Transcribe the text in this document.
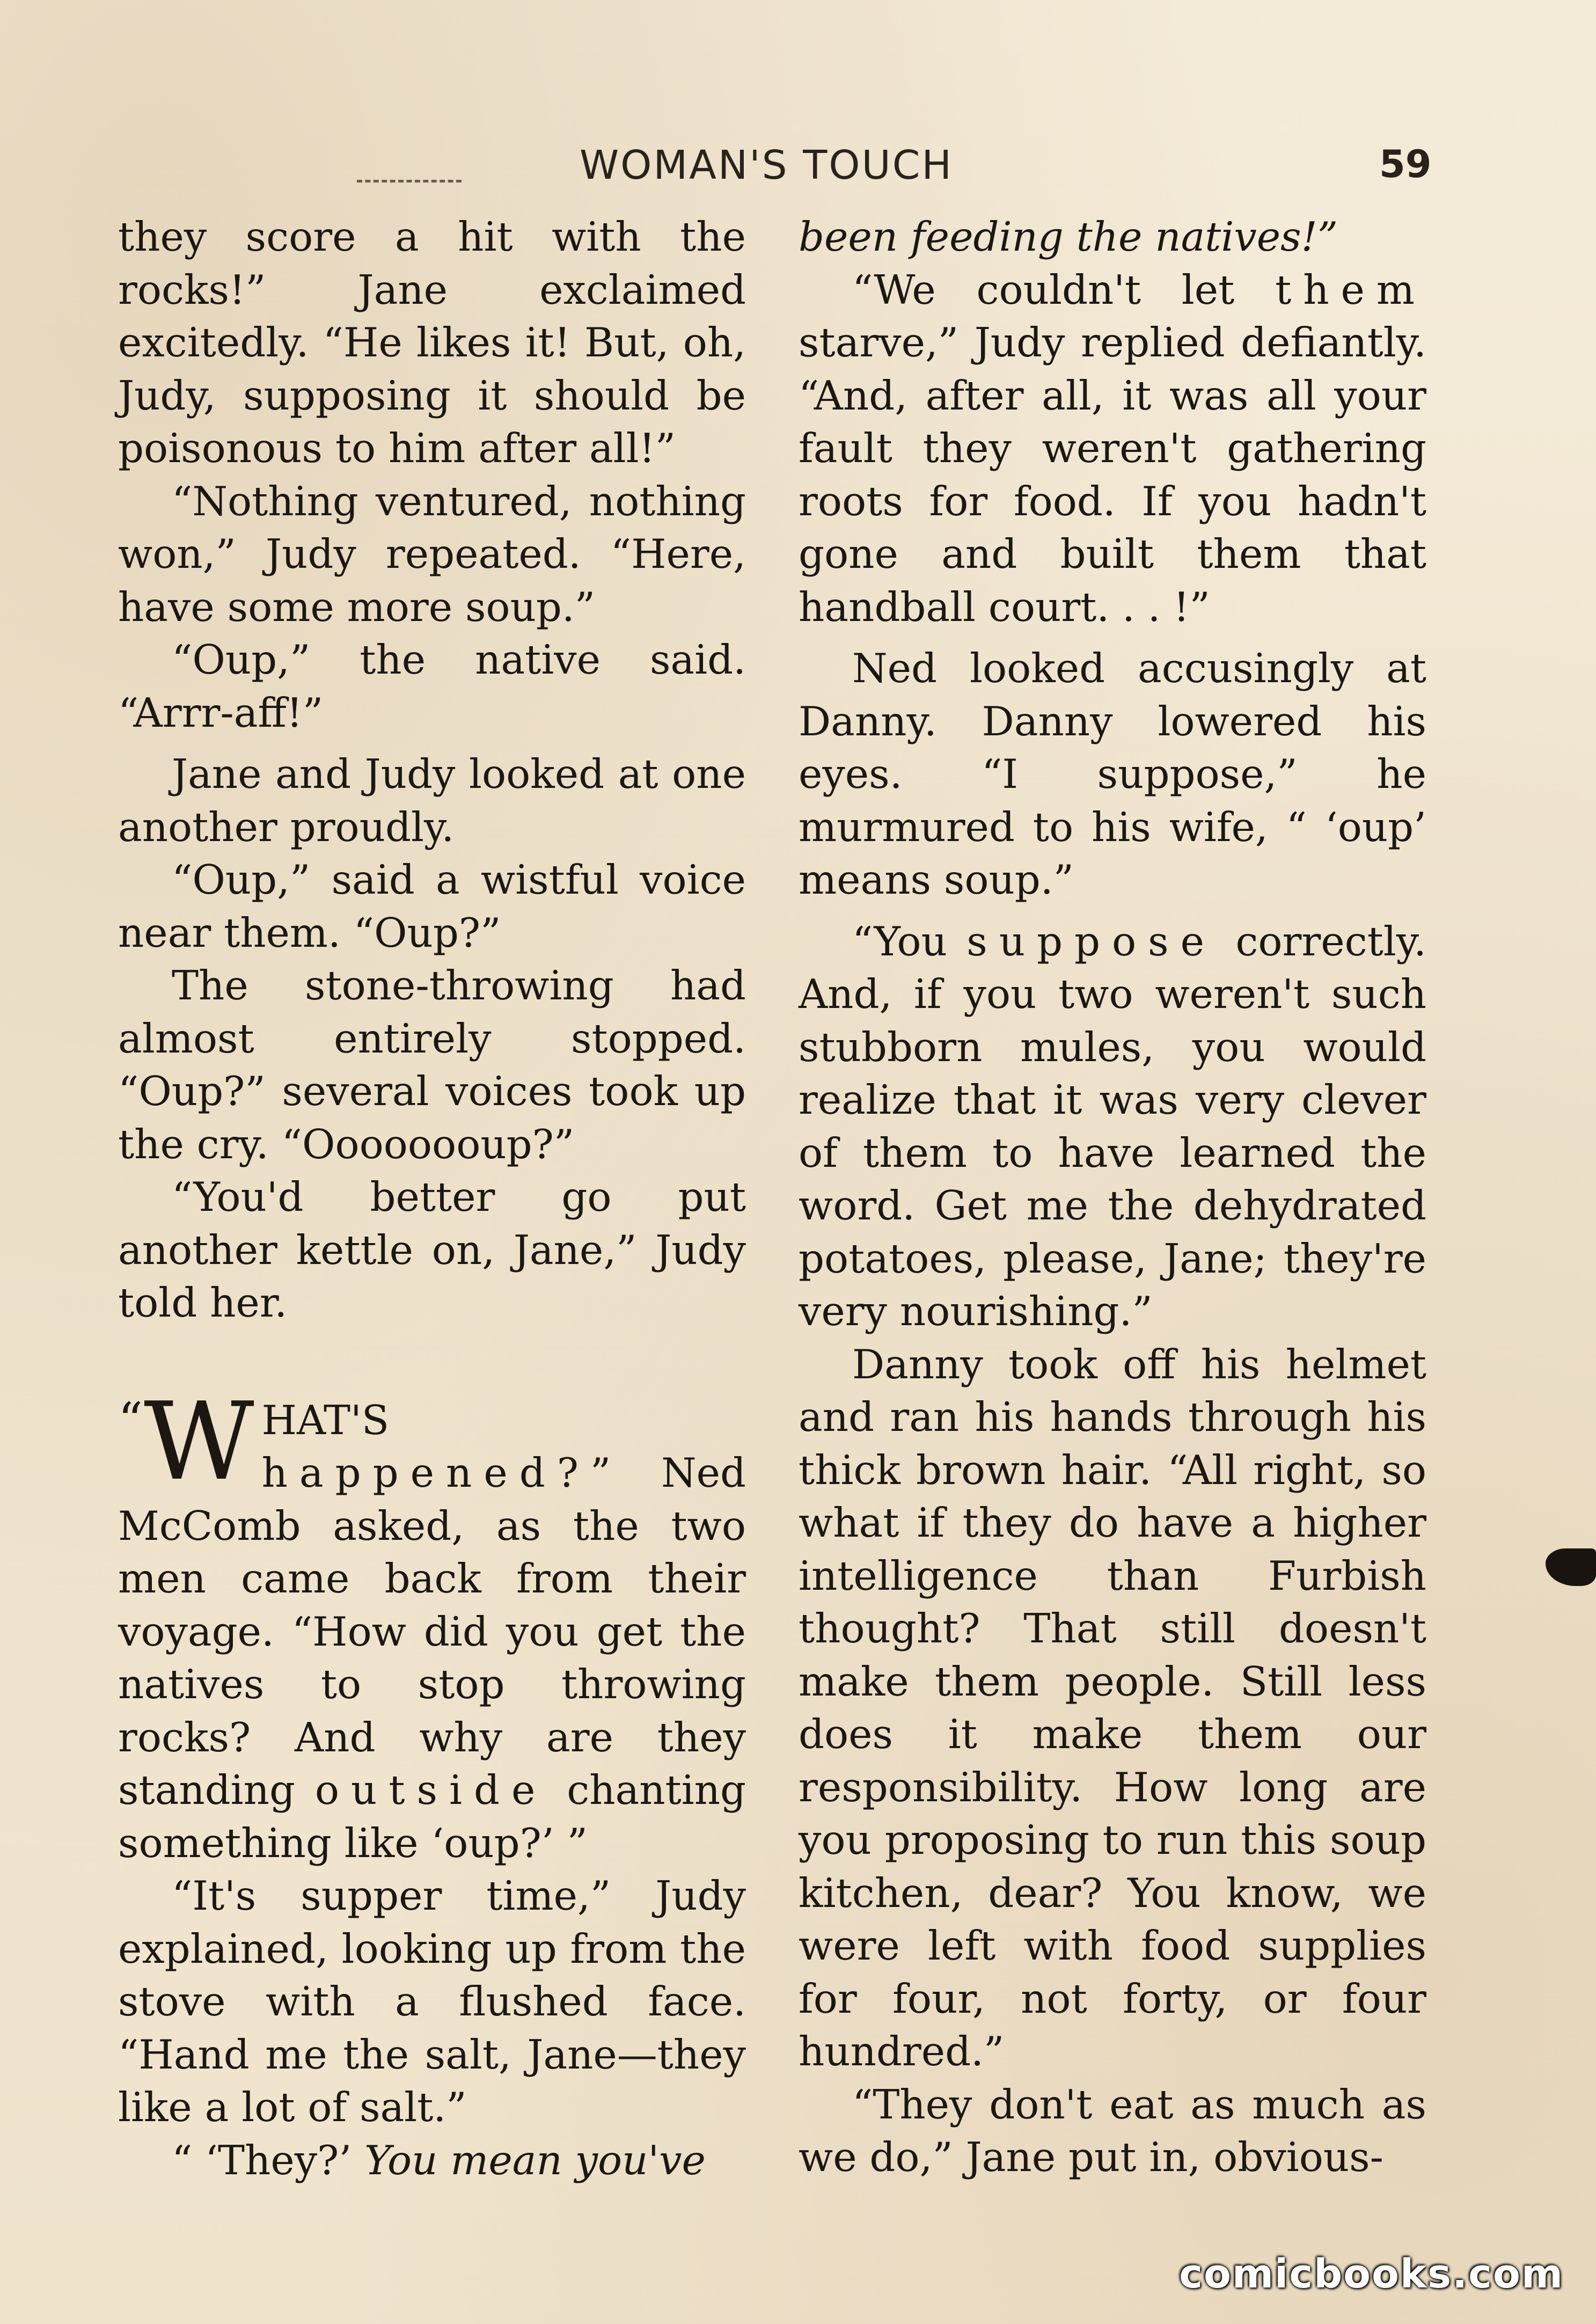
WOMAN'S TOUCH	59

they score a hit with the rocks!” Jane exclaimed excitedly. “He likes it! But, oh, Judy, supposing it should be poisonous to him after all!”

“Nothing ventured, nothing won,” Judy repeated. “Here, have some more soup.”

“Oup,” the native said. “Arrr-aff!”

Jane and Judy looked at one another proudly.

“Oup,” said a wistful voice near them. “Oup?”

The stone-throwing had almost entirely stopped. “Oup?” several voices took up the cry. “Oooooooup?”

“You'd better go put another kettle on, Jane,” Judy told her.

“ W HAT'S happened?” Ned McComb asked, as the two men came back from their voyage. “How did you get the natives to stop throwing rocks? And why are they standing outside chanting something like ‘oup?’ ”

“It's supper time,” Judy explained, looking up from the stove with a flushed face. “Hand me the salt, Jane—they like a lot of salt.”

“ ‘They?’ You mean you've

been feeding the natives!”

“We couldn't let them starve,” Judy replied defiantly. “And, after all, it was all your fault they weren't gathering roots for food. If you hadn't gone and built them that handball court. . . !”

Ned looked accusingly at Danny. Danny lowered his eyes. “I suppose,” he murmured to his wife, “ ‘oup’ means soup.”

“You suppose correctly. And, if you two weren't such stubborn mules, you would realize that it was very clever of them to have learned the word. Get me the dehydrated potatoes, please, Jane; they're very nourishing.”

Danny took off his helmet and ran his hands through his thick brown hair. “All right, so what if they do have a higher intelligence than Furbish thought? That still doesn't make them people. Still less does it make them our responsibility. How long are you proposing to run this soup kitchen, dear? You know, we were left with food supplies for four, not forty, or four hundred.”

“They don't eat as much as we do,” Jane put in, obvious-

comicbooks.com
